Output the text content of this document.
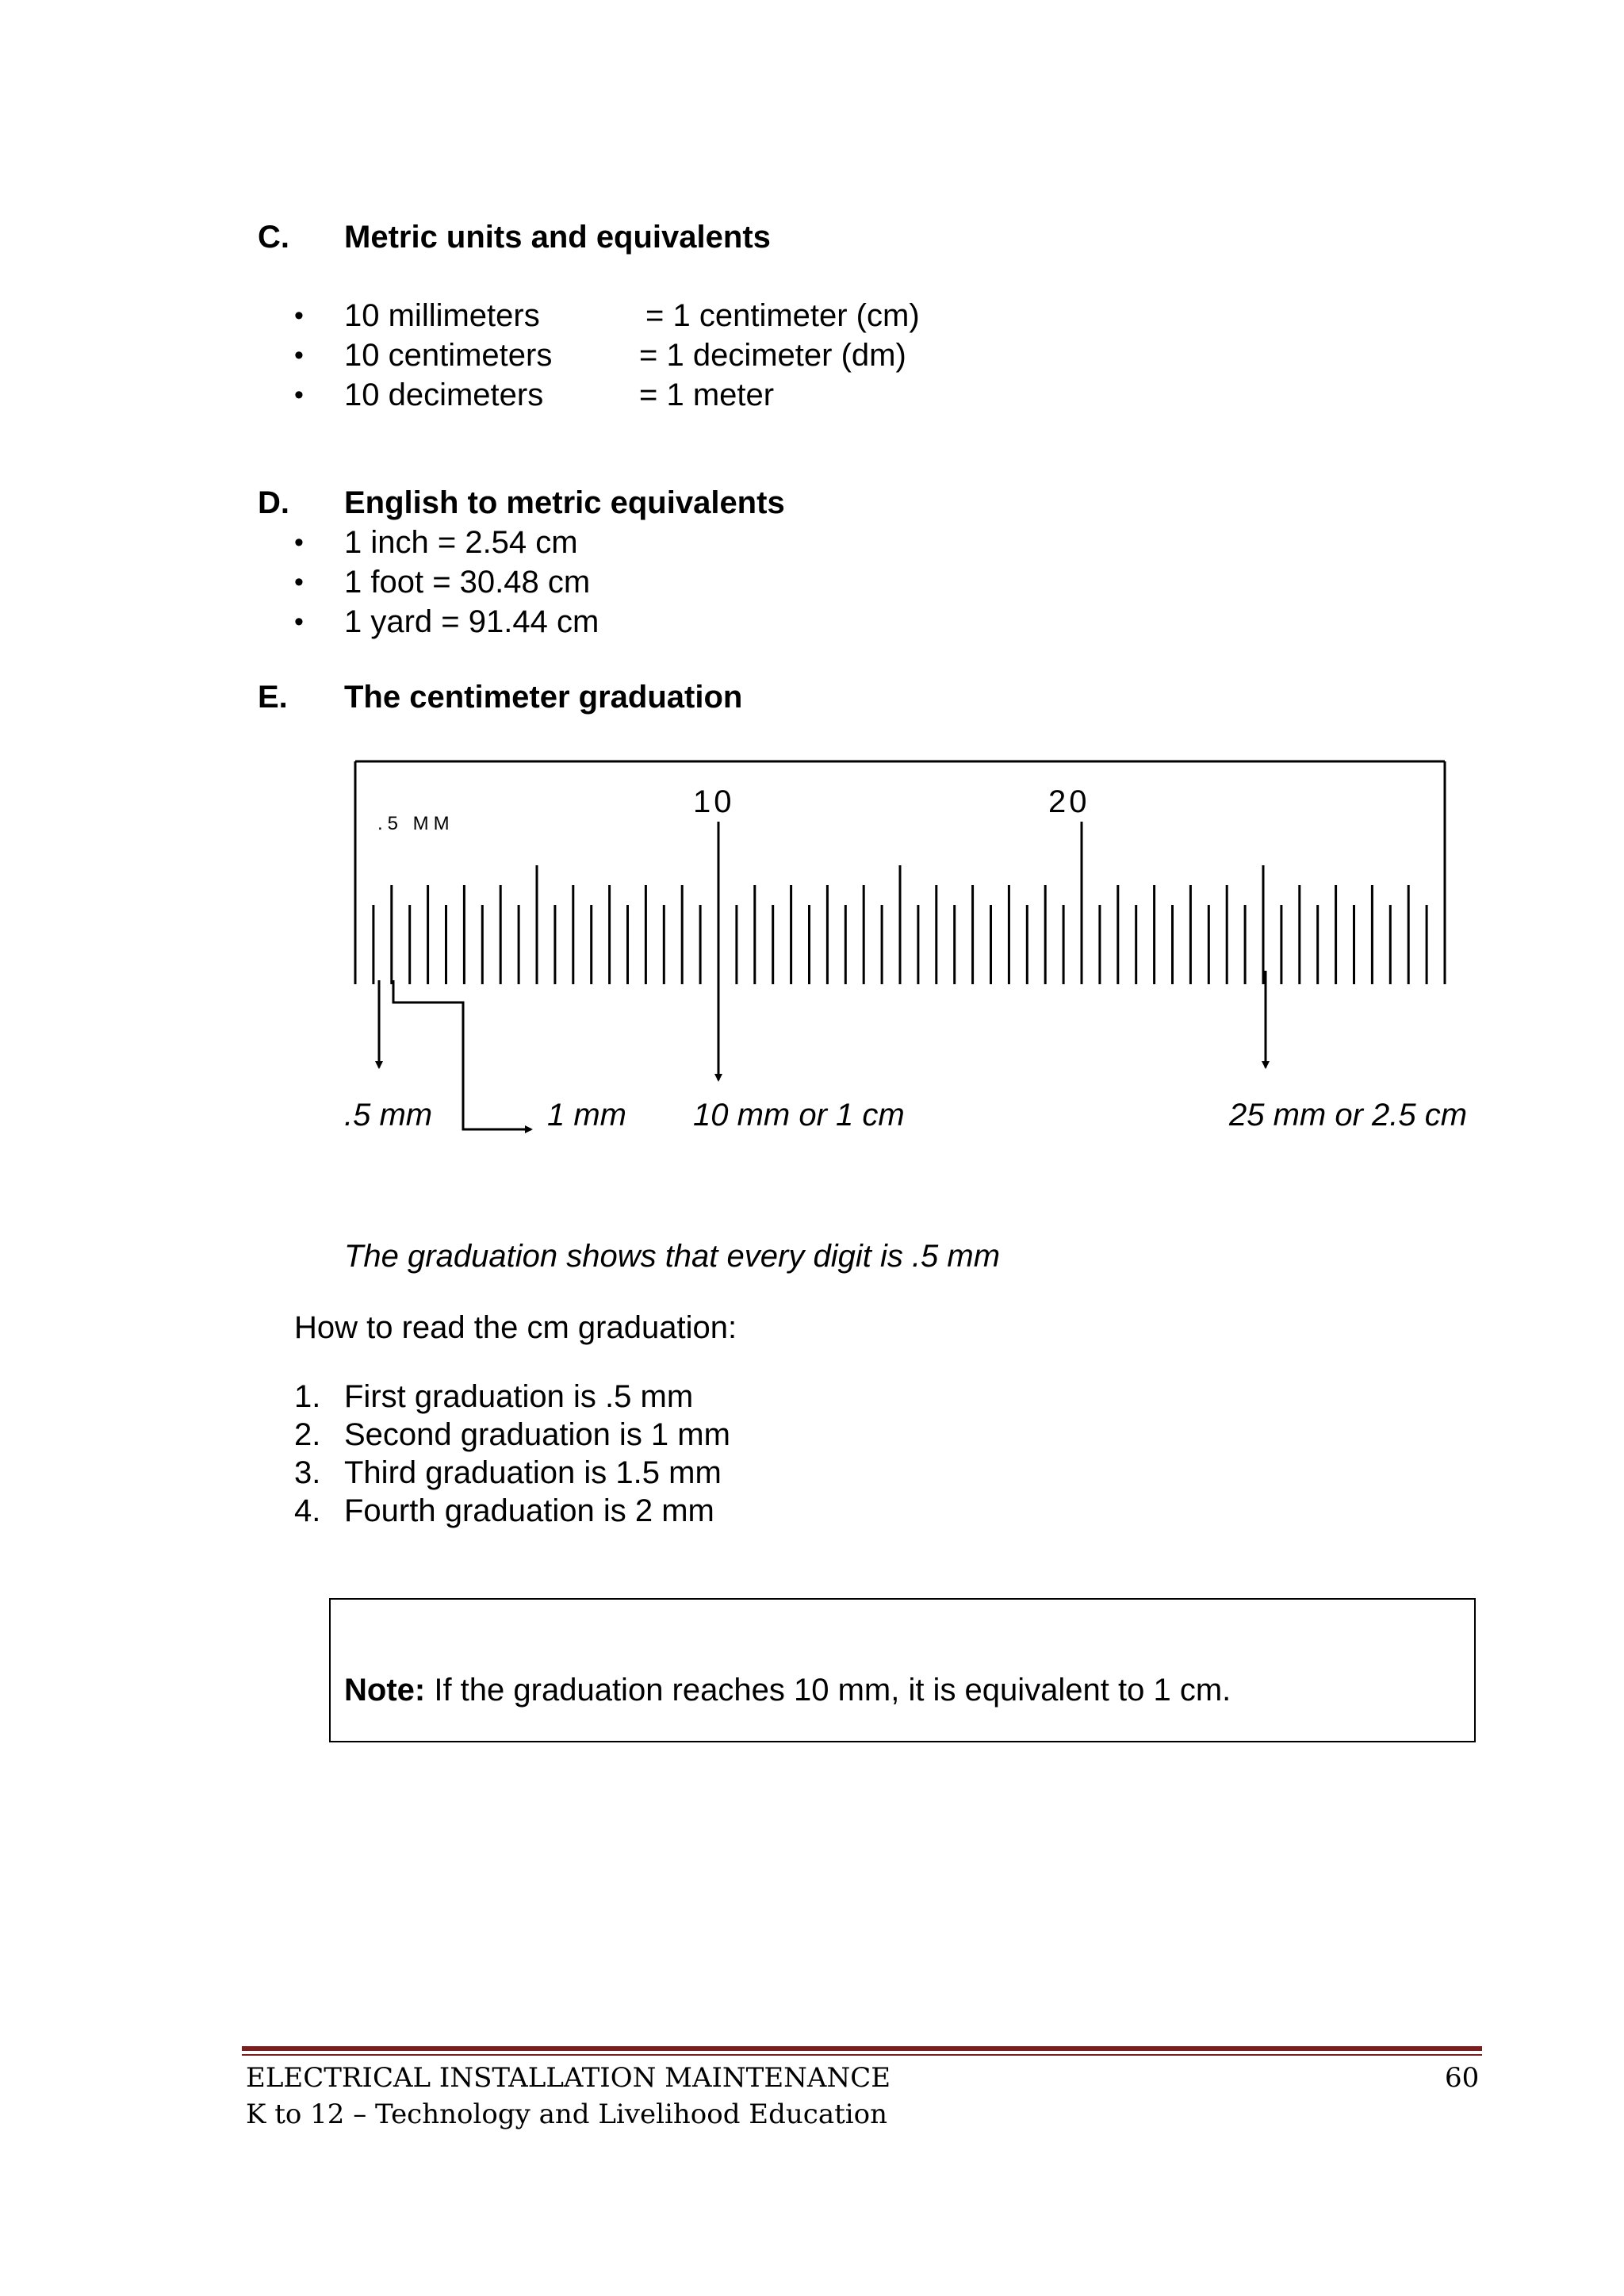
C. Metric units and equivalents
• 10 millimeters	= 1 centimeter (cm)
• 10 centimeters	= 1 decimeter (dm)
• 10 decimeters	= 1 meter
D. English to metric equivalents
• 1 inch = 2.54 cm
• 1 foot = 30.48 cm
• 1 yard = 91.44 cm
E. The centimeter graduation
.5 MM
10	20
.5 mm	1 mm 10 mm or 1 cm	25 mm or 2.5 cm
The graduation shows that every digit is .5 mm
How to read the cm graduation:
1. First graduation is .5 mm
2. Second graduation is 1 mm
3. Third graduation is 1.5 mm
4. Fourth graduation is 2 mm
Note: If the graduation reaches 10 mm, it is equivalent to 1 cm.
ELECTRICAL INSTALLATION MAINTENANCE
K to 12 – Technology and Livelihood Education
60
